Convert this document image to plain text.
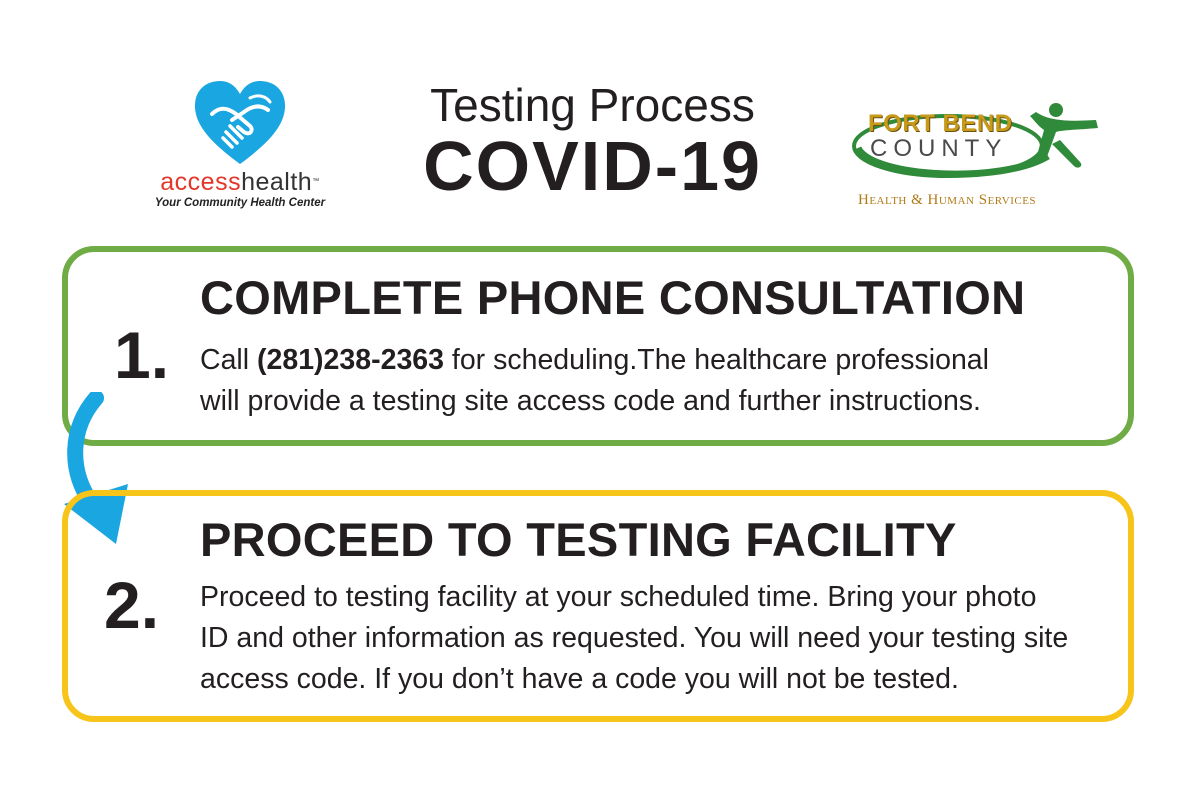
accesshealth™
Your Community Health Center
Testing Process
COVID-19
FORT BEND
COUNTY
Health & Human Services
1.
COMPLETE PHONE CONSULTATION
Call (281)238-2363 for scheduling.The healthcare professional
will provide a testing site access code and further instructions.
2.
PROCEED TO TESTING FACILITY
Proceed to testing facility at your scheduled time. Bring your photo
ID and other information as requested. You will need your testing site
access code. If you don’t have a code you will not be tested.
